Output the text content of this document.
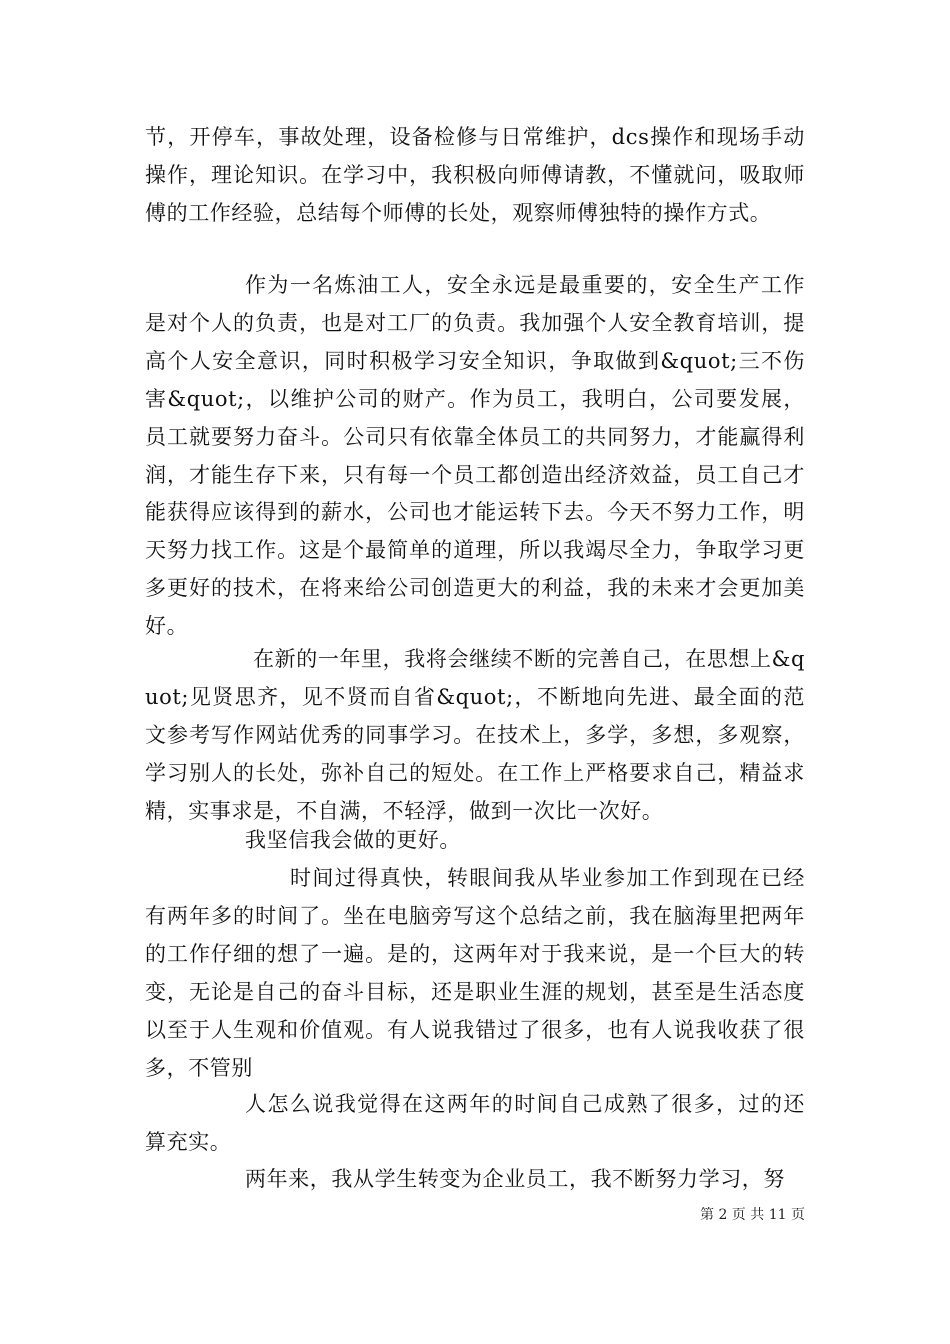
节，开停车，事故处理，设备检修与日常维护，dcs操作和现场手动操作，理论知识。在学习中，我积极向师傅请教，不懂就问，吸取师傅的工作经验，总结每个师傅的长处，观察师傅独特的操作方式。

作为一名炼油工人，安全永远是最重要的，安全生产工作是对个人的负责，也是对工厂的负责。我加强个人安全教育培训，提高个人安全意识，同时积极学习安全知识，争取做到&quot;三不伤害&quot;，以维护公司的财产。作为员工，我明白，公司要发展，员工就要努力奋斗。公司只有依靠全体员工的共同努力，才能赢得利润，才能生存下来，只有每一个员工都创造出经济效益，员工自己才能获得应该得到的薪水，公司也才能运转下去。今天不努力工作，明天努力找工作。这是个最简单的道理，所以我竭尽全力，争取学习更多更好的技术，在将来给公司创造更大的利益，我的未来才会更加美好。

在新的一年里，我将会继续不断的完善自己，在思想上&quot;见贤思齐，见不贤而自省&quot;，不断地向先进、最全面的范文参考写作网站优秀的同事学习。在技术上，多学，多想，多观察，学习别人的长处，弥补自己的短处。在工作上严格要求自己，精益求精，实事求是，不自满，不轻浮，做到一次比一次好。

我坚信我会做的更好。

时间过得真快，转眼间我从毕业参加工作到现在已经有两年多的时间了。坐在电脑旁写这个总结之前，我在脑海里把两年的工作仔细的想了一遍。是的，这两年对于我来说，是一个巨大的转变，无论是自己的奋斗目标，还是职业生涯的规划，甚至是生活态度以至于人生观和价值观。有人说我错过了很多，也有人说我收获了很多，不管别

人怎么说我觉得在这两年的时间自己成熟了很多，过的还算充实。

两年来，我从学生转变为企业员工，我不断努力学习，努

第 2 页 共 11 页
